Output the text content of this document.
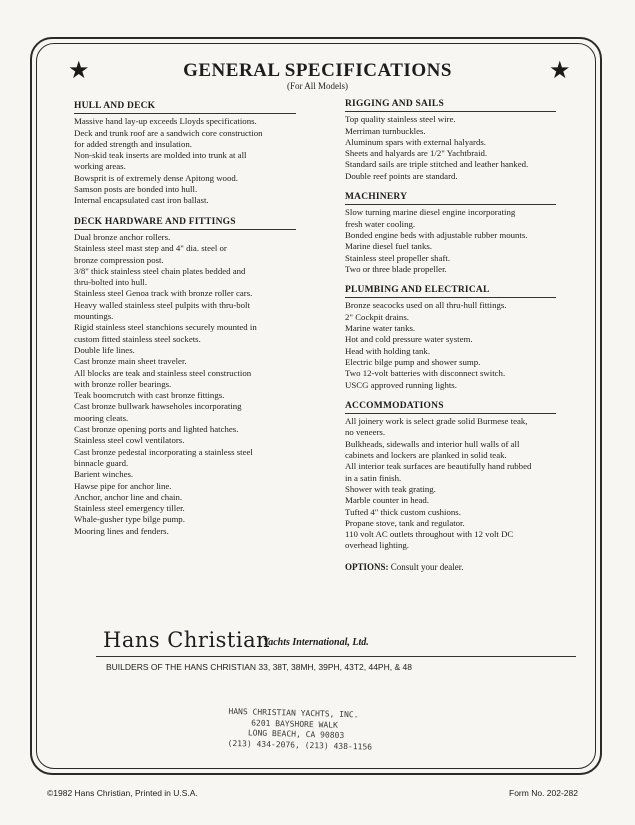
★	★
GENERAL SPECIFICATIONS
(For All Models)
HULL AND DECK
Massive hand lay-up exceeds Lloyds specifications.
Deck and trunk roof are a sandwich core construction
for added strength and insulation.
Non-skid teak inserts are molded into trunk at all
working areas.
Bowsprit is of extremely dense Apitong wood.
Samson posts are bonded into hull.
Internal encapsulated cast iron ballast.
DECK HARDWARE AND FITTINGS
Dual bronze anchor rollers.
Stainless steel mast step and 4" dia. steel or
bronze compression post.
3/8" thick stainless steel chain plates bedded and
thru-bolted into hull.
Stainless steel Genoa track with bronze roller cars.
Heavy walled stainless steel pulpits with thru-bolt
mountings.
Rigid stainless steel stanchions securely mounted in
custom fitted stainless steel sockets.
Double life lines.
Cast bronze main sheet traveler.
All blocks are teak and stainless steel construction
with bronze roller bearings.
Teak boomcrutch with cast bronze fittings.
Cast bronze bullwark hawseholes incorporating
mooring cleats.
Cast bronze opening ports and lighted hatches.
Stainless steel cowl ventilators.
Cast bronze pedestal incorporating a stainless steel
binnacle guard.
Barient winches.
Hawse pipe for anchor line.
Anchor, anchor line and chain.
Stainless steel emergency tiller.
Whale-gusher type bilge pump.
Mooring lines and fenders.
RIGGING AND SAILS
Top quality stainless steel wire.
Merriman turnbuckles.
Aluminum spars with external halyards.
Sheets and halyards are 1/2" Yachtbraid.
Standard sails are triple stitched and leather hanked.
Double reef points are standard.
MACHINERY
Slow turning marine diesel engine incorporating
fresh water cooling.
Bonded engine beds with adjustable rubber mounts.
Marine diesel fuel tanks.
Stainless steel propeller shaft.
Two or three blade propeller.
PLUMBING AND ELECTRICAL
Bronze seacocks used on all thru-hull fittings.
2" Cockpit drains.
Marine water tanks.
Hot and cold pressure water system.
Head with holding tank.
Electric bilge pump and shower sump.
Two 12-volt batteries with disconnect switch.
USCG approved running lights.
ACCOMMODATIONS
All joinery work is select grade solid Burmese teak,
no veneers.
Bulkheads, sidewalls and interior hull walls of all
cabinets and lockers are planked in solid teak.
All interior teak surfaces are beautifully hand rubbed
in a satin finish.
Shower with teak grating.
Marble counter in head.
Tufted 4" thick custom cushions.
Propane stove, tank and regulator.
110 volt AC outlets throughout with 12 volt DC
overhead lighting.
OPTIONS: Consult your dealer.
Hans Christian
Yachts International, Ltd.
BUILDERS OF THE HANS CHRISTIAN 33, 38T, 38MH, 39PH, 43T2, 44PH, & 48
HANS CHRISTIAN YACHTS, INC.
6201 BAYSHORE WALK
LONG BEACH, CA 90803
(213) 434-2076, (213) 438-1156
©1982 Hans Christian, Printed in U.S.A.	Form No. 202-282
